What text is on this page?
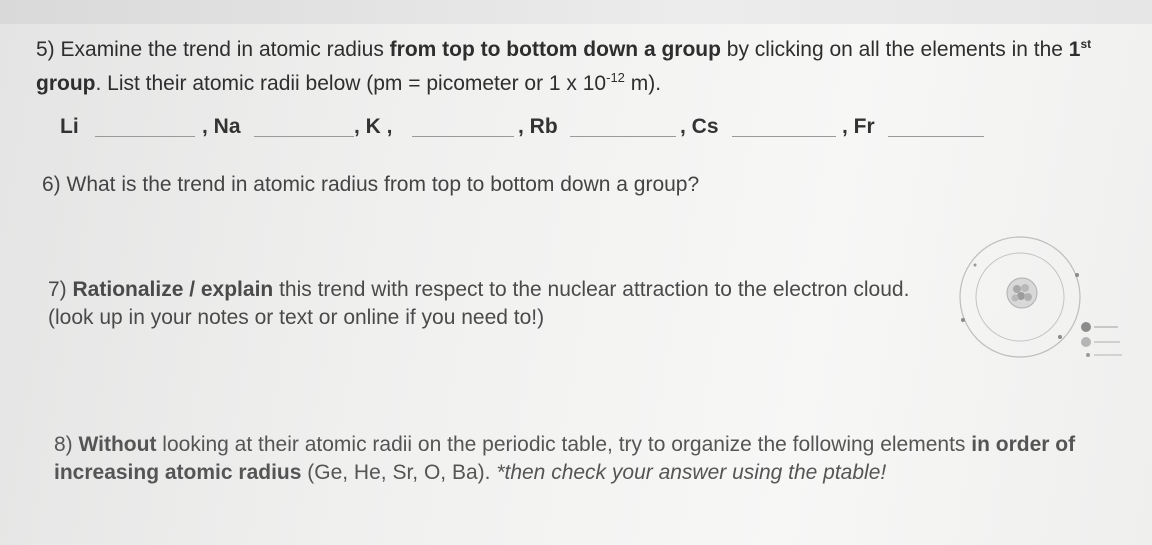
5) Examine the trend in atomic radius from top to bottom down a group by clicking on all the elements in the 1st group. List their atomic radii below (pm = picometer or 1 x $10^{-12}$ m).
Li	, Na	, K ,	, Rb	, Cs	, Fr
6) What is the trend in atomic radius from top to bottom down a group?
7) Rationalize / explain this trend with respect to the nuclear attraction to the electron cloud. (look up in your notes or text or online if you need to!)
8) Without looking at their atomic radii on the periodic table, try to organize the following elements in order of increasing atomic radius (Ge, He, Sr, O, Ba). *then check your answer using the ptable!
